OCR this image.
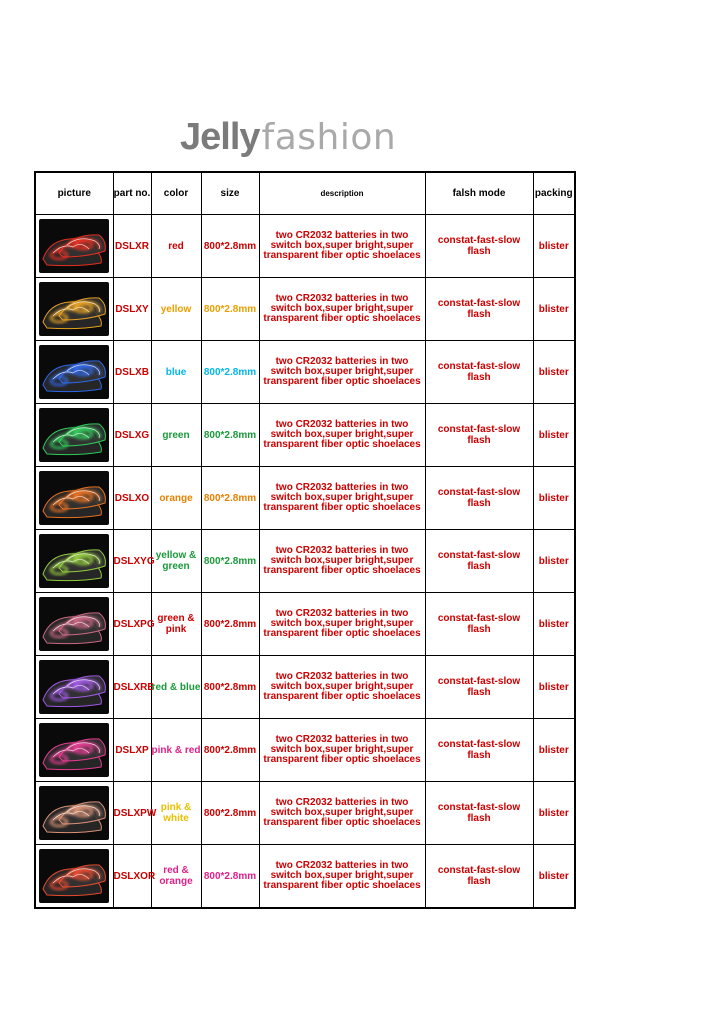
Jelly fashion
picture	part no.	color	size	description	falsh mode	packing

	DSLXR	red	800*2.8mm	two CR2032 batteries in two switch box,super bright,super transparent fiber optic shoelaces	constat-fast-slow flash	blister

	DSLXY	yellow	800*2.8mm	two CR2032 batteries in two switch box,super bright,super transparent fiber optic shoelaces	constat-fast-slow flash	blister

	DSLXB	blue	800*2.8mm	two CR2032 batteries in two switch box,super bright,super transparent fiber optic shoelaces	constat-fast-slow flash	blister

	DSLXG	green	800*2.8mm	two CR2032 batteries in two switch box,super bright,super transparent fiber optic shoelaces	constat-fast-slow flash	blister

	DSLXO	orange	800*2.8mm	two CR2032 batteries in two switch box,super bright,super transparent fiber optic shoelaces	constat-fast-slow flash	blister

	DSLXYG	yellow & green	800*2.8mm	two CR2032 batteries in two switch box,super bright,super transparent fiber optic shoelaces	constat-fast-slow flash	blister

	DSLXPG	green & pink	800*2.8mm	two CR2032 batteries in two switch box,super bright,super transparent fiber optic shoelaces	constat-fast-slow flash	blister

	DSLXRB	red & blue	800*2.8mm	two CR2032 batteries in two switch box,super bright,super transparent fiber optic shoelaces	constat-fast-slow flash	blister

	DSLXP	pink & red	800*2.8mm	two CR2032 batteries in two switch box,super bright,super transparent fiber optic shoelaces	constat-fast-slow flash	blister

	DSLXPW	pink & white	800*2.8mm	two CR2032 batteries in two switch box,super bright,super transparent fiber optic shoelaces	constat-fast-slow flash	blister

	DSLXOR	red & orange	800*2.8mm	two CR2032 batteries in two switch box,super bright,super transparent fiber optic shoelaces	constat-fast-slow flash	blister
